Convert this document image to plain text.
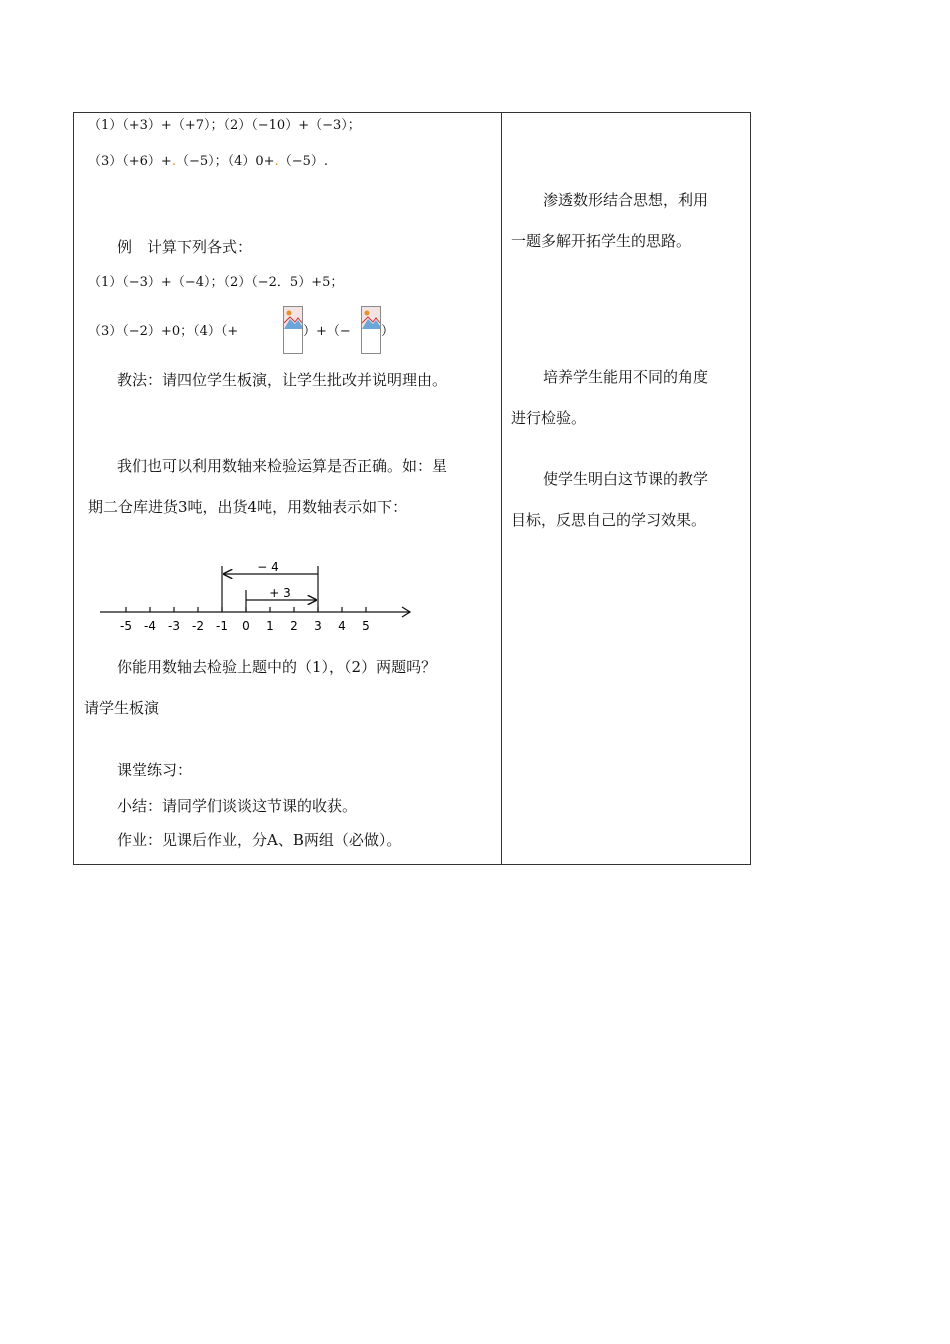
（1）（+3）+（+7）；（2）（−10）+（−3）；
（3）（+6）+.（−5）；（4）0+.（−5）.
例　计算下列各式：
（1）（−3）+（−4）；（2）（−2．5）+5；
（3）（−2）+0；（4）（+	）+（− ）
教法：请四位学生板演，让学生批改并说明理由。
我们也可以利用数轴来检验运算是否正确。如：星
期二仓库进货3吨，出货4吨，用数轴表示如下：
-5 -4 -3 -2 -1 0 1 2 3 4 5
− 4
+ 3
你能用数轴去检验上题中的（1），（2）两题吗？
请学生板演
课堂练习：
小结：请同学们谈谈这节课的收获。
作业：见课后作业，分A、B两组（必做）。
渗透数形结合思想，利用
一题多解开拓学生的思路。
培养学生能用不同的角度
进行检验。
使学生明白这节课的教学
目标，反思自己的学习效果。
